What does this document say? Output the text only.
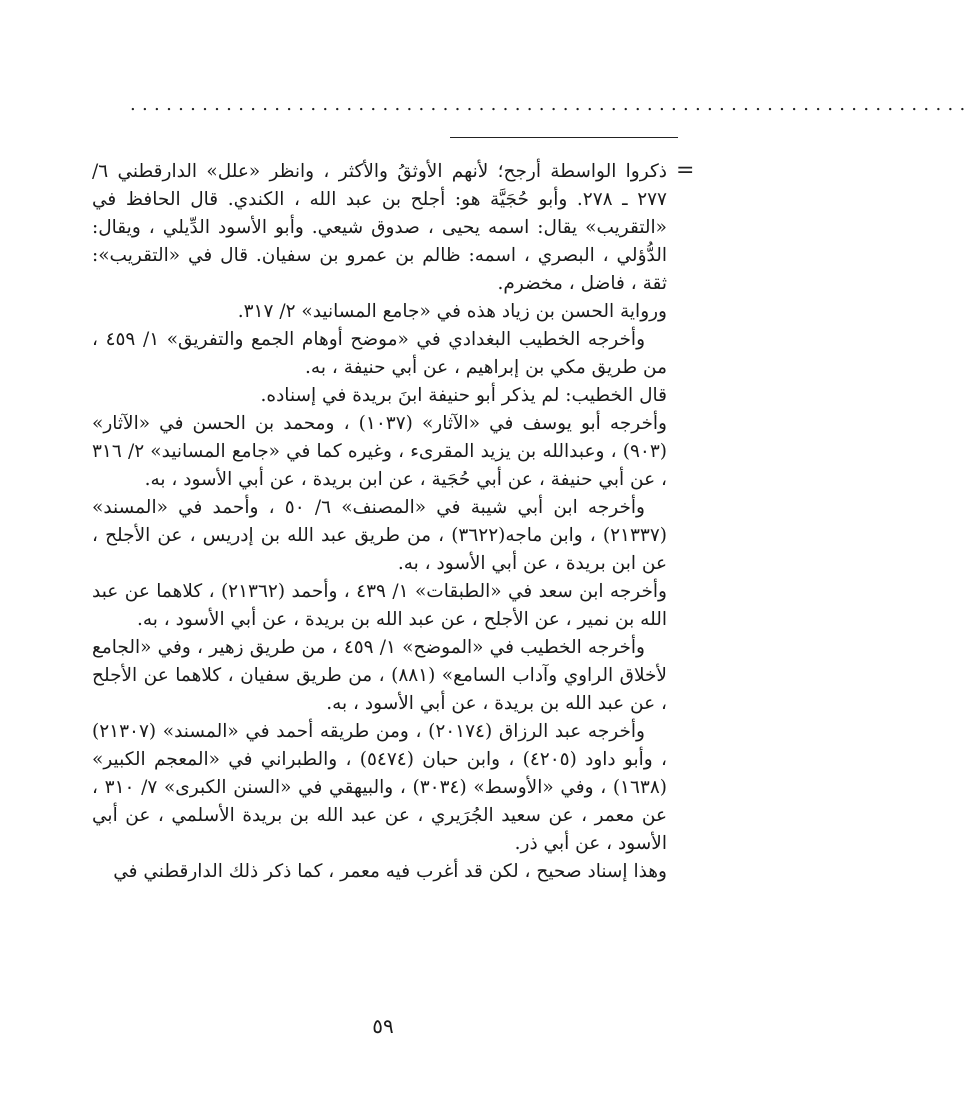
......................................................................
=

ذكروا الواسطة أرجح؛ لأنهم الأوثقُ والأكثر ، وانظر «علل» الدارقطني ٦/ ٢٧٧ ـ ٢٧٨. وأبو حُجَيَّة هو: أجلح بن عبد الله ، الكندي. قال الحافظ في «التقريب» يقال: اسمه يحيى ، صدوق شيعي. وأبو الأسود الدِّيلي ، ويقال: الدُّؤلي ، البصري ، اسمه: ظالم بن عمرو بن سفيان. قال في «التقريب»: ثقة ، فاضل ، مخضرم.

ورواية الحسن بن زياد هذه في «جامع المسانيد» ٢/ ٣١٧.

وأخرجه الخطيب البغدادي في «موضح أوهام الجمع والتفريق» ١/ ٤٥٩ ، من طريق مكي بن إبراهيم ، عن أبي حنيفة ، به.

قال الخطيب: لم يذكر أبو حنيفة ابنَ بريدة في إسناده.

وأخرجه أبو يوسف في «الآثار» (١٠٣٧) ، ومحمد بن الحسن في «الآثار» (٩٠٣) ، وعبدالله بن يزيد المقرىء ، وغيره كما في «جامع المسانيد» ٢/ ٣١٦ ، عن أبي حنيفة ، عن أبي حُجَية ، عن ابن بريدة ، عن أبي الأسود ، به.

وأخرجه ابن أبي شيبة في «المصنف» ٦/ ٥٠ ، وأحمد في «المسند» (٢١٣٣٧) ، وابن ماجه(٣٦٢٢) ، من طريق عبد الله بن إدريس ، عن الأجلح ، عن ابن بريدة ، عن أبي الأسود ، به.

وأخرجه ابن سعد في «الطبقات» ١/ ٤٣٩ ، وأحمد (٢١٣٦٢) ، كلاهما عن عبد الله بن نمير ، عن الأجلح ، عن عبد الله بن بريدة ، عن أبي الأسود ، به.

وأخرجه الخطيب في «الموضح» ١/ ٤٥٩ ، من طريق زهير ، وفي «الجامع لأخلاق الراوي وآداب السامع» (٨٨١) ، من طريق سفيان ، كلاهما عن الأجلح ، عن عبد الله بن بريدة ، عن أبي الأسود ، به.

وأخرجه عبد الرزاق (٢٠١٧٤) ، ومن طريقه أحمد في «المسند» (٢١٣٠٧) ، وأبو داود (٤٢٠٥) ، وابن حبان (٥٤٧٤) ، والطبراني في «المعجم الكبير» (١٦٣٨) ، وفي «الأوسط» (٣٠٣٤) ، والبيهقي في «السنن الكبرى» ٧/ ٣١٠ ، عن معمر ، عن سعيد الجُرَيري ، عن عبد الله بن بريدة الأسلمي ، عن أبي الأسود ، عن أبي ذر.

وهذا إسناد صحيح ، لكن قد أغرب فيه معمر ، كما ذكر ذلك الدارقطني في

٥٩
